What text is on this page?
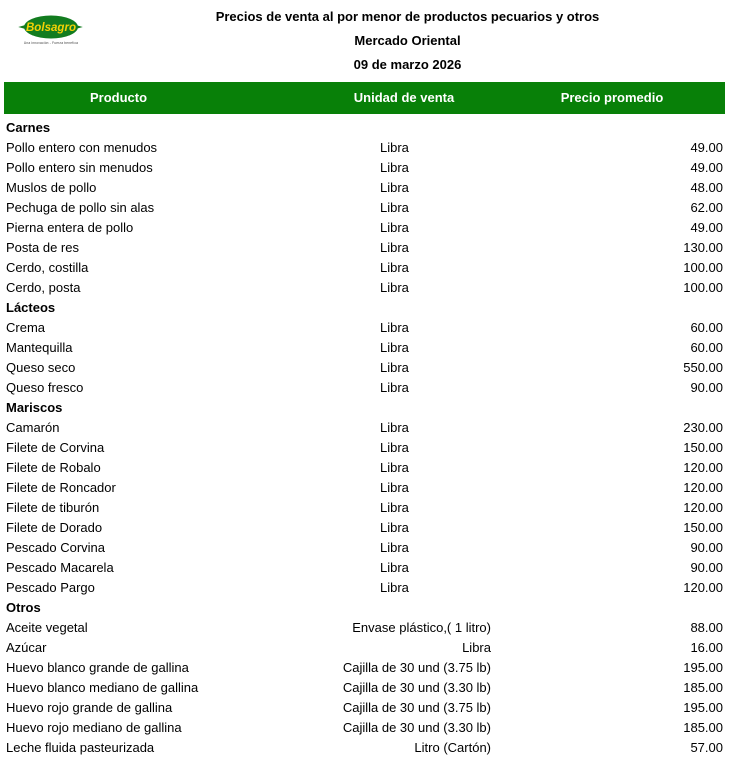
Bolsagro
Una innovación - Fuerza benefíca
Precios de venta al por menor de productos pecuarios y otros
Mercado Oriental
09 de marzo 2026
Producto	Unidad de venta	Precio promedio
Carnes
Pollo entero con menudos	Libra	49.00
Pollo entero sin menudos	Libra	49.00
Muslos de pollo	Libra	48.00
Pechuga de pollo sin alas	Libra	62.00
Pierna entera de pollo	Libra	49.00
Posta de res	Libra	130.00
Cerdo, costilla	Libra	100.00
Cerdo, posta	Libra	100.00
Lácteos
Crema	Libra	60.00
Mantequilla	Libra	60.00
Queso seco	Libra	550.00
Queso fresco	Libra	90.00
Mariscos
Camarón	Libra	230.00
Filete de Corvina	Libra	150.00
Filete de Robalo	Libra	120.00
Filete de Roncador	Libra	120.00
Filete de tiburón	Libra	120.00
Filete de Dorado	Libra	150.00
Pescado Corvina	Libra	90.00
Pescado Macarela	Libra	90.00
Pescado Pargo	Libra	120.00
Otros
Aceite vegetal	Envase plástico,( 1 litro)	88.00
Azúcar	Libra	16.00
Huevo blanco grande de gallina	Cajilla de 30 und (3.75 lb)	195.00
Huevo blanco mediano de gallina	Cajilla de 30 und (3.30 lb)	185.00
Huevo rojo grande de gallina	Cajilla de 30 und (3.75 lb)	195.00
Huevo rojo mediano de gallina	Cajilla de 30 und (3.30 lb)	185.00
Leche fluida pasteurizada	Litro (Cartón)	57.00
